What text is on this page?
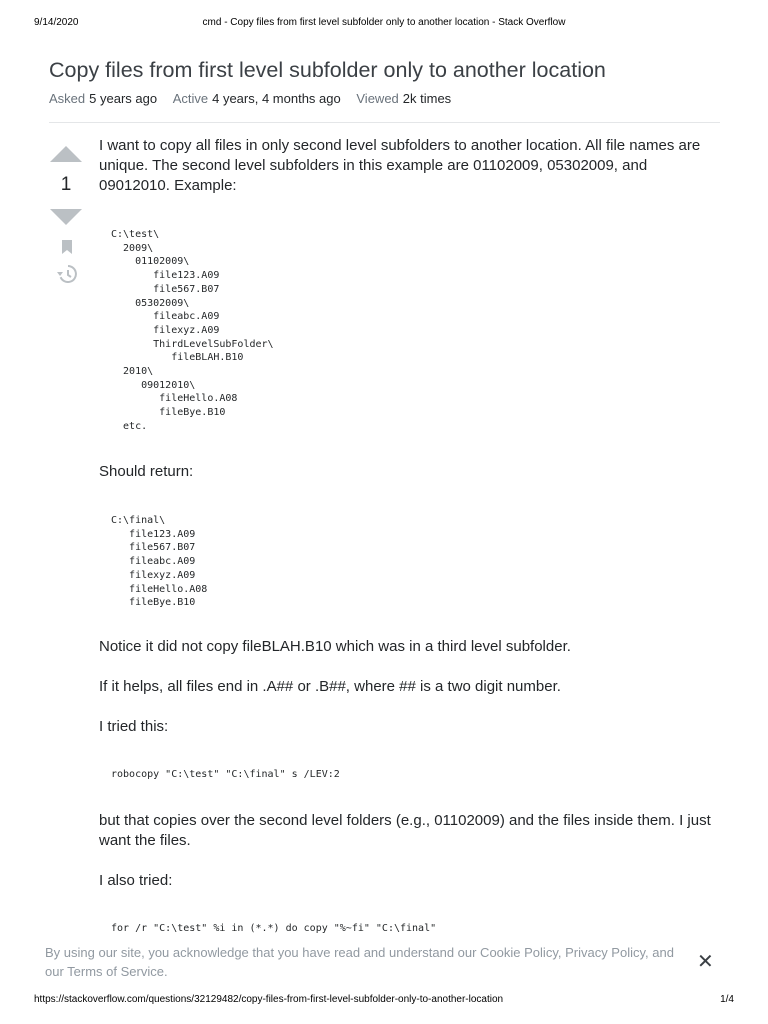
9/14/2020	cmd - Copy files from first level subfolder only to another location - Stack Overflow
Copy files from first level subfolder only to another location
Asked 5 years ago Active 4 years, 4 months ago Viewed 2k times
1

I want to copy all files in only second level subfolders to another location. All file names are unique. The second level subfolders in this example are 01102009, 05302009, and 09012010. Example:

C:\test\
2009\
01102009\
file123.A09
file567.B07
05302009\
fileabc.A09
filexyz.A09
ThirdLevelSubFolder\
fileBLAH.B10
2010\
09012010\
fileHello.A08
fileBye.B10
etc.

Should return:

C:\final\
file123.A09
file567.B07
fileabc.A09
filexyz.A09
fileHello.A08
fileBye.B10

Notice it did not copy fileBLAH.B10 which was in a third level subfolder.

If it helps, all files end in .A## or .B##, where ## is a two digit number.

I tried this:

robocopy "C:\test" "C:\final" s /LEV:2

but that copies over the second level folders (e.g., 01102009) and the files inside them. I just want the files.

I also tried:

for /r "C:\test" %i in (*.*) do copy "%~fi" "C:\final"
By using our site, you acknowledge that you have read and understand our Cookie Policy, Privacy Policy, and our Terms of Service.	✕
https://stackoverflow.com/questions/32129482/copy-files-from-first-level-subfolder-only-to-another-location	1/4
